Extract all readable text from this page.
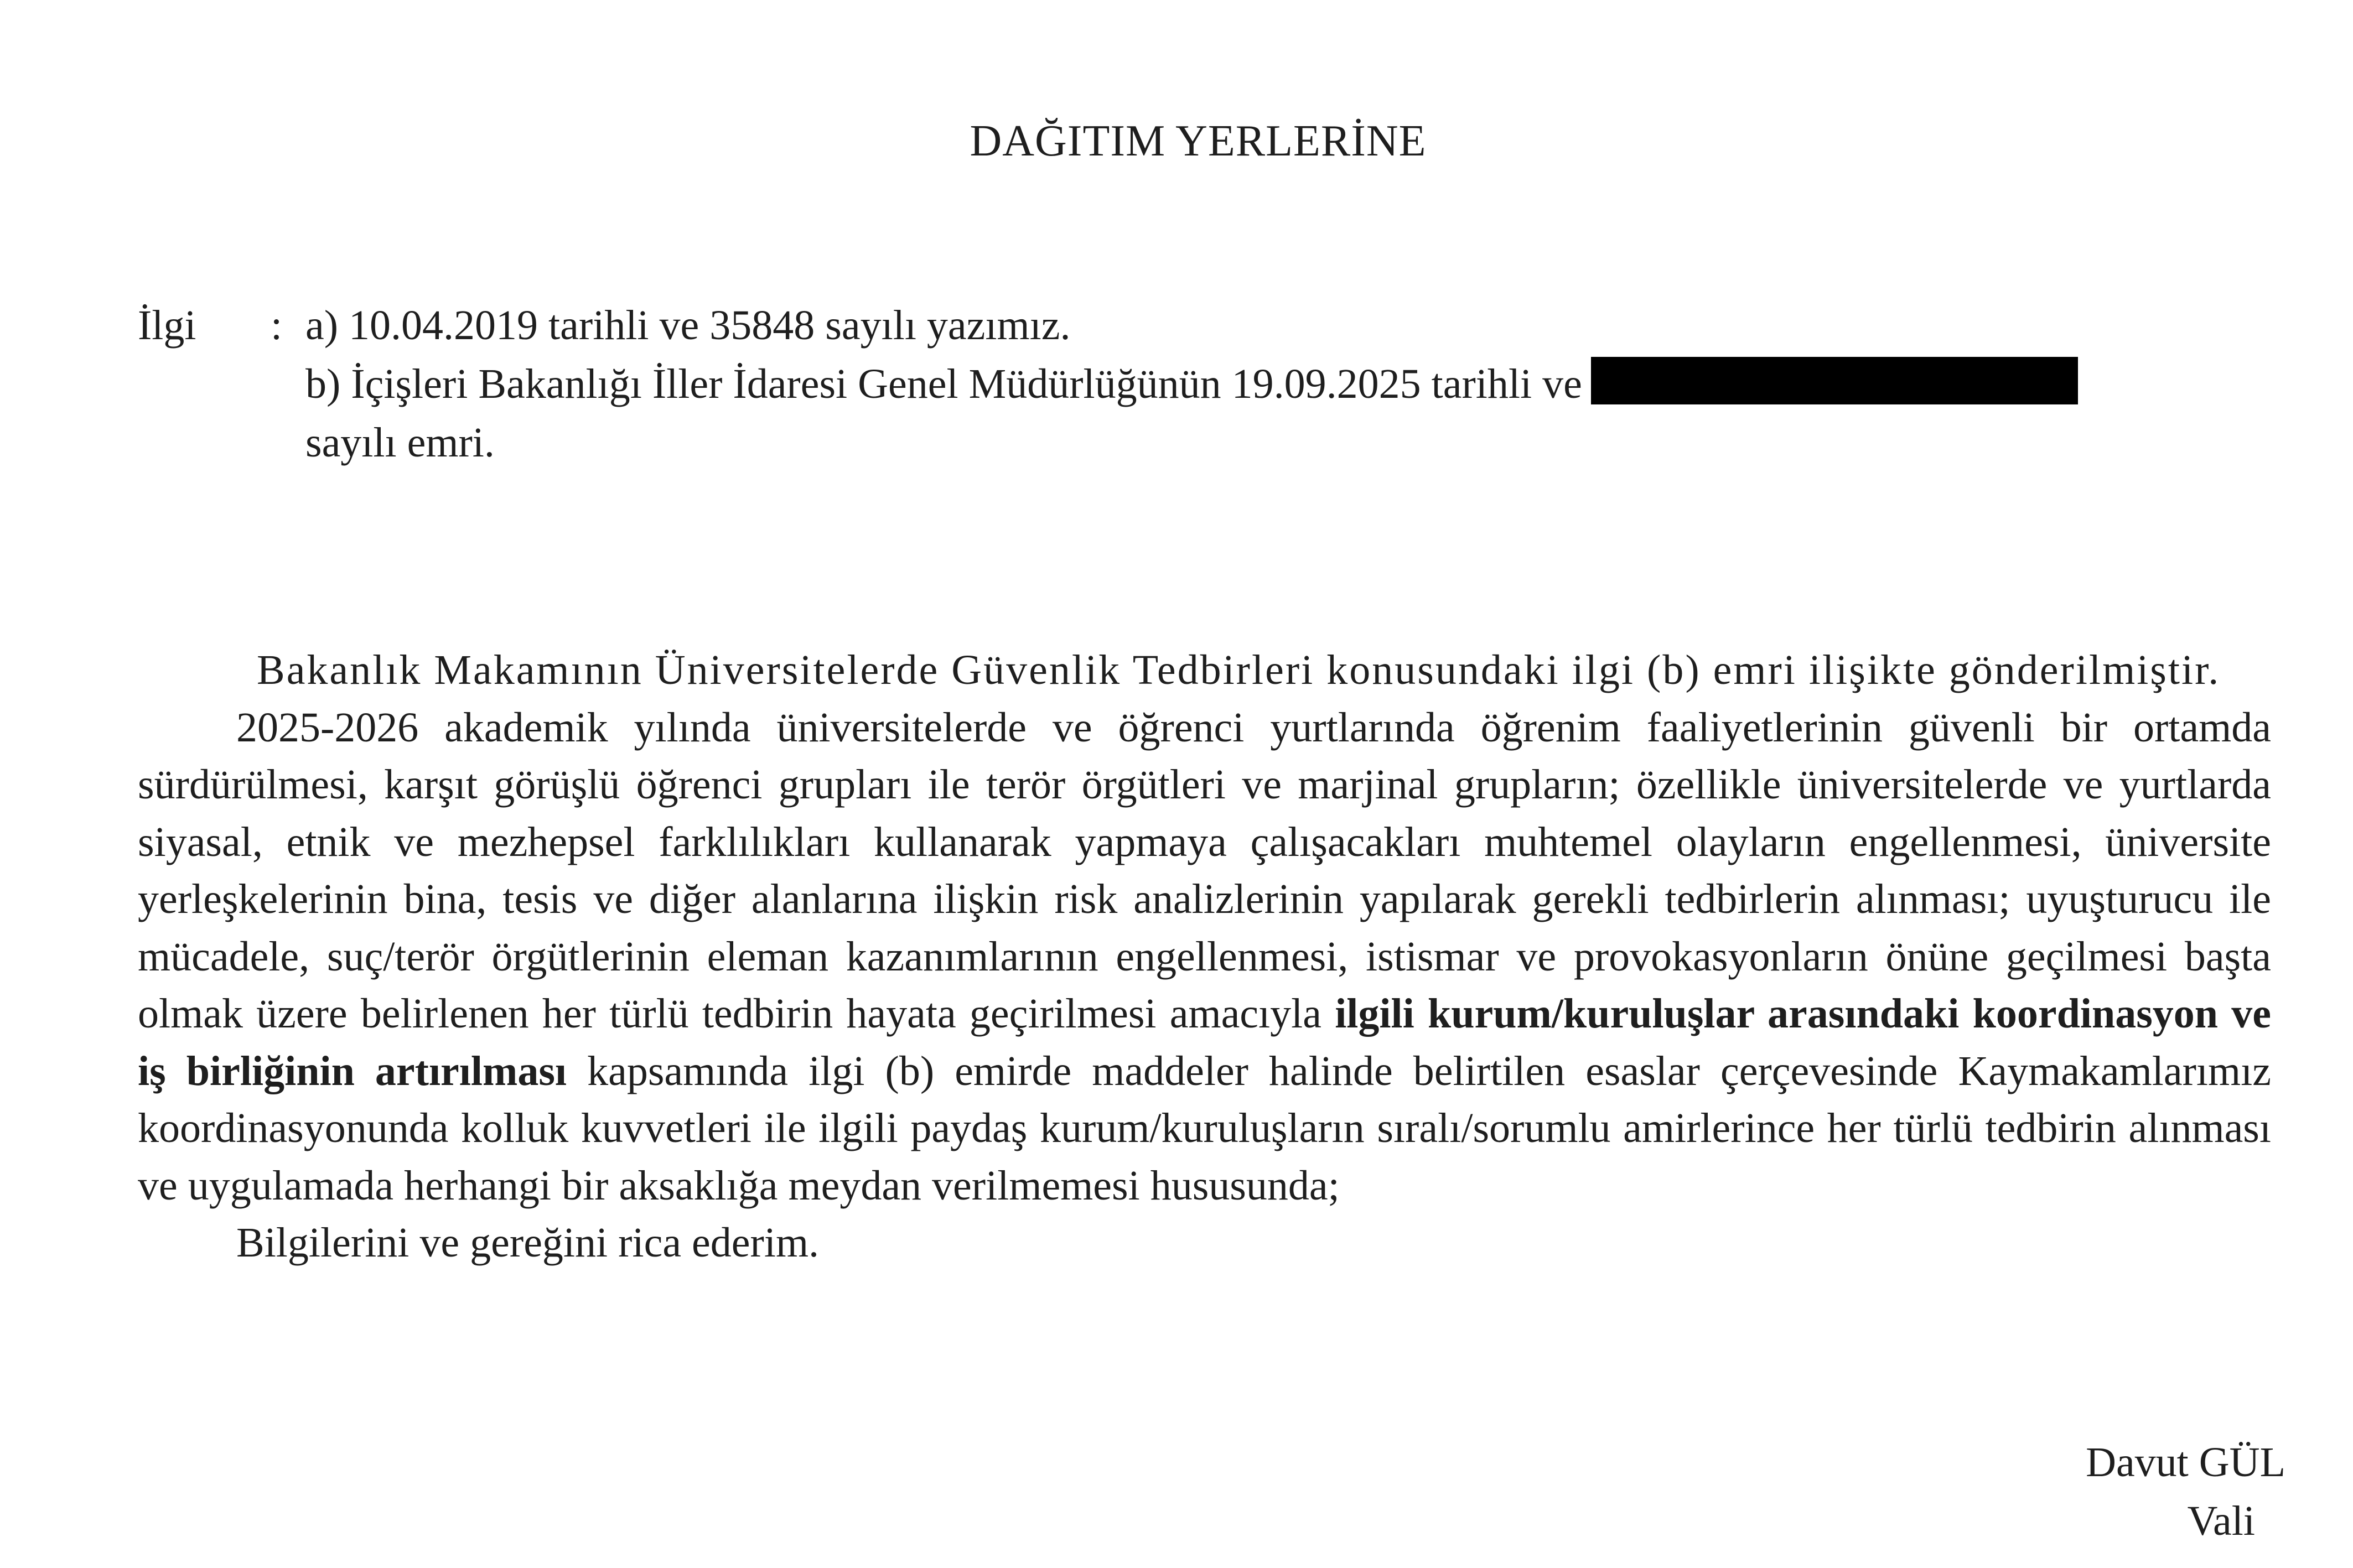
DAĞITIM YERLERİNE
İlgi : a) 10.04.2019 tarihli ve 35848 sayılı yazımız.
b) İçişleri Bakanlığı İller İdaresi Genel Müdürlüğünün 19.09.2025 tarihli ve
sayılı emri.

Bakanlık Makamının Üniversitelerde Güvenlik Tedbirleri konusundaki ilgi (b) emri ilişikte gönderilmiştir.

2025-2026 akademik yılında üniversitelerde ve öğrenci yurtlarında öğrenim faaliyetlerinin güvenli bir ortamda sürdürülmesi, karşıt görüşlü öğrenci grupları ile terör örgütleri ve marjinal grupların; özellikle üniversitelerde ve yurtlarda siyasal, etnik ve mezhepsel farklılıkları kullanarak yapmaya çalışacakları muhtemel olayların engellenmesi, üniversite yerleşkelerinin bina, tesis ve diğer alanlarına ilişkin risk analizlerinin yapılarak gerekli tedbirlerin alınması; uyuşturucu ile mücadele, suç/terör örgütlerinin eleman kazanımlarının engellenmesi, istismar ve provokasyonların önüne geçilmesi başta olmak üzere belirlenen her türlü tedbirin hayata geçirilmesi amacıyla ilgili kurum/kuruluşlar arasındaki koordinasyon ve iş birliğinin artırılması kapsamında ilgi (b) emirde maddeler halinde belirtilen esaslar çerçevesinde Kaymakamlarımız koordinasyonunda kolluk kuvvetleri ile ilgili paydaş kurum/kuruluşların sıralı/sorumlu amirlerince her türlü tedbirin alınması ve uygulamada herhangi bir aksaklığa meydan verilmemesi hususunda;

Bilgilerini ve gereğini rica ederim.

Davut GÜL
Vali
